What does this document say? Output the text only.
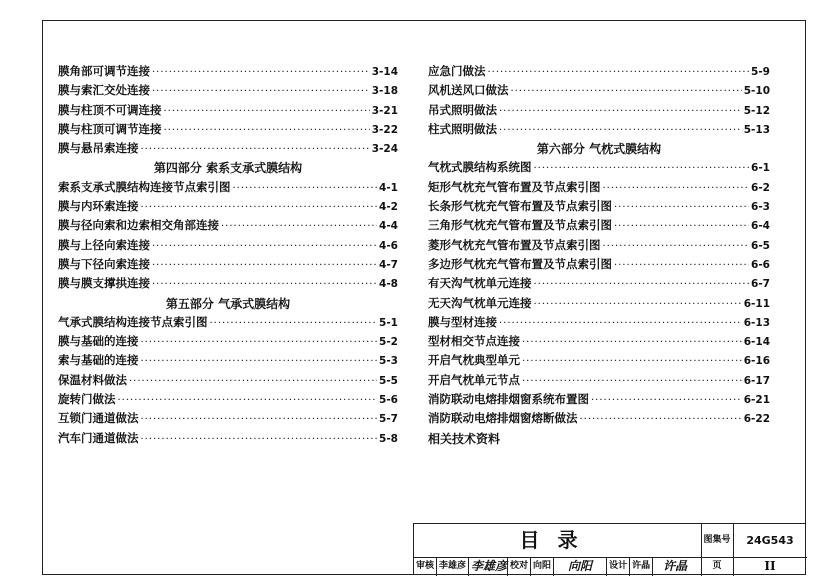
膜角部可调节连接 ·····	3-14
膜与索汇交处连接 ·····	3-18
膜与柱顶不可调连接 ·····	3-21
膜与柱顶可调节连接 ·····	3-22
膜与悬吊索连接 ·····	3-24
第四部分 索系支承式膜结构
索系支承式膜结构连接节点索引图 ·····	4-1
膜与内环索连接 ·····	4-2
膜与径向索和边索相交角部连接 ·····	4-4
膜与上径向索连接 ·····	4-6
膜与下径向索连接 ·····	4-7
膜与膜支撑拱连接 ·····	4-8
第五部分 气承式膜结构
气承式膜结构连接节点索引图 ·····	5-1
膜与基础的连接 ·····	5-2
索与基础的连接 ·····	5-3
保温材料做法 ·····	5-5
旋转门做法 ·····	5-6
互锁门通道做法 ·····	5-7
汽车门通道做法 ·····	5-8
应急门做法 ·····	5-9
风机送风口做法 ·····	5-10
吊式照明做法 ·····	5-12
柱式照明做法 ·····	5-13
第六部分 气枕式膜结构
气枕式膜结构系统图 ·····	6-1
矩形气枕充气管布置及节点索引图 ·····	6-2
长条形气枕充气管布置及节点索引图 ·····	6-3
三角形气枕充气管布置及节点索引图 ·····	6-4
菱形气枕充气管布置及节点索引图 ·····	6-5
多边形气枕充气管布置及节点索引图 ·····	6-6
有天沟气枕单元连接 ·····	6-7
无天沟气枕单元连接 ·····	6-11
膜与型材连接 ·····	6-13
型材相交节点连接 ·····	6-14
开启气枕典型单元 ·····	6-16
开启气枕单元节点 ·····	6-17
消防联动电熔排烟窗系统布置图 ·····	6-21
消防联动电熔排烟窗熔断做法 ·····	6-22
相关技术资料
目录	图集号	24G543
审核 李雄彦 李雄彦 校对 向阳	向阳	设计 许晶	许晶	页	II
